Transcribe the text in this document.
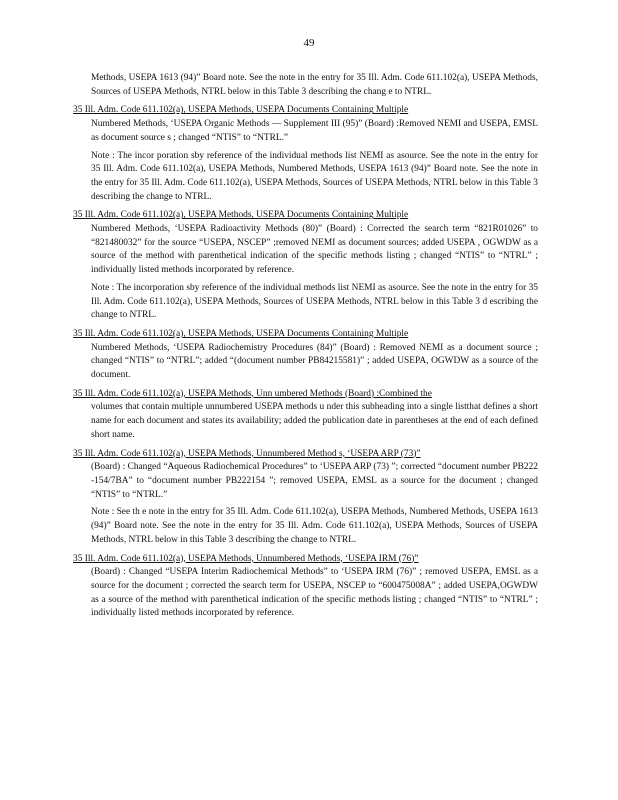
49
Methods, USEPA 1613 (94)” Board note. See the note in the entry for 35 Ill. Adm. Code 611.102(a), USEPA Methods, Sources of USEPA Methods, NTRL below in this Table 3 describing the chang e to NTRL.
35 Ill. Adm. Code 611.102(a), USEPA Methods, USEPA Documents Containing Multiple
Numbered Methods, ‘USEPA Organic Methods — Supplement III (95)” (Board) :Removed NEMI and USEPA, EMSL as document source s ; changed “NTIS” to “NTRL.”
Note : The incor poration sby reference of the individual methods list NEMI as asource. See the note in the entry for 35 Ill. Adm. Code 611.102(a), USEPA Methods, Numbered Methods, USEPA 1613 (94)” Board note. See the note in the entry for 35 Ill. Adm. Code 611.102(a), USEPA Methods, Sources of USEPA Methods, NTRL below in this Table 3 describing the change to NTRL.
35 Ill. Adm. Code 611.102(a), USEPA Methods, USEPA Documents Containing Multiple
Numbered Methods, ‘USEPA Radioactivity Methods (80)” (Board) : Corrected the search term “821R01026” to “821480032” for the source “USEPA, NSCEP” ;removed NEMI as document sources; added USEPA , OGWDW as a source of the method with parenthetical indication of the specific methods listing ; changed “NTIS” to “NTRL” ; individually listed methods incorporated by reference.
Note : The incorporation sby reference of the individual methods list NEMI as asource. See the note in the entry for 35 Ill. Adm. Code 611.102(a), USEPA Methods, Sources of USEPA Methods, NTRL below in this Table 3 d escribing the change to NTRL.
35 Ill. Adm. Code 611.102(a), USEPA Methods, USEPA Documents Containing Multiple
Numbered Methods, ‘USEPA Radiochemistry Procedures (84)” (Board) : Removed NEMI as a document source ; changed “NTIS” to “NTRL”; added “(document number PB84215581)” ; added USEPA, OGWDW as a source of the document.
35 Ill. Adm. Code 611.102(a), USEPA Methods, Unn umbered Methods (Board) :Combined the
volumes that contain multiple unnumbered USEPA methods u nder this subheading into a single listthat defines a short name for each document and states its availability; added the publication date in parentheses at the end of each defined short name.
35 Ill. Adm. Code 611.102(a), USEPA Methods, Unnumbered Method s, ‘USEPA ARP (73)”
(Board) : Changed “Aqueous Radiochemical Procedures” to ‘USEPA ARP (73) ”; corrected “document number PB222 -154/7BA” to “document number PB222154 ”; removed USEPA, EMSL as a source for the document ; changed “NTIS” to “NTRL.”
Note : See th e note in the entry for 35 Ill. Adm. Code 611.102(a), USEPA Methods, Numbered Methods, USEPA 1613 (94)” Board note. See the note in the entry for 35 Ill. Adm. Code 611.102(a), USEPA Methods, Sources of USEPA Methods, NTRL below in this Table 3 describing the change to NTRL.
35 Ill. Adm. Code 611.102(a), USEPA Methods, Unnumbered Methods, ‘USEPA IRM (76)”
(Board) : Changed “USEPA Interim Radiochemical Methods” to ‘USEPA IRM (76)” ; removed USEPA, EMSL as a source for the document ; corrected the search term for USEPA, NSCEP to “600475008A” ; added USEPA,OGWDW as a source of the method with parenthetical indication of the specific methods listing ; changed “NTIS” to “NTRL” ; individually listed methods incorporated by reference.
